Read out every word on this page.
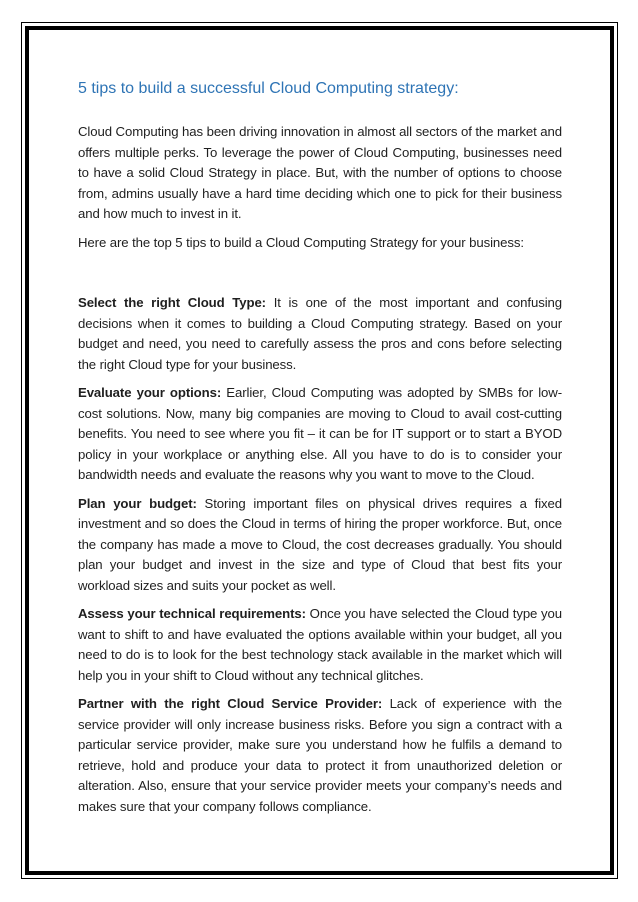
5 tips to build a successful Cloud Computing strategy:

Cloud Computing has been driving innovation in almost all sectors of the market and offers multiple perks. To leverage the power of Cloud Computing, businesses need to have a solid Cloud Strategy in place. But, with the number of options to choose from, admins usually have a hard time deciding which one to pick for their business and how much to invest in it.

Here are the top 5 tips to build a Cloud Computing Strategy for your business:

Select the right Cloud Type: It is one of the most important and confusing decisions when it comes to building a Cloud Computing strategy. Based on your budget and need, you need to carefully assess the pros and cons before selecting the right Cloud type for your business.

Evaluate your options: Earlier, Cloud Computing was adopted by SMBs for low-cost solutions. Now, many big companies are moving to Cloud to avail cost-cutting benefits. You need to see where you fit – it can be for IT support or to start a BYOD policy in your workplace or anything else. All you have to do is to consider your bandwidth needs and evaluate the reasons why you want to move to the Cloud.

Plan your budget: Storing important files on physical drives requires a fixed investment and so does the Cloud in terms of hiring the proper workforce. But, once the company has made a move to Cloud, the cost decreases gradually. You should plan your budget and invest in the size and type of Cloud that best fits your workload sizes and suits your pocket as well.

Assess your technical requirements: Once you have selected the Cloud type you want to shift to and have evaluated the options available within your budget, all you need to do is to look for the best technology stack available in the market which will help you in your shift to Cloud without any technical glitches.

Partner with the right Cloud Service Provider: Lack of experience with the service provider will only increase business risks. Before you sign a contract with a particular service provider, make sure you understand how he fulfils a demand to retrieve, hold and produce your data to protect it from unauthorized deletion or alteration. Also, ensure that your service provider meets your company’s needs and makes sure that your company follows compliance.
